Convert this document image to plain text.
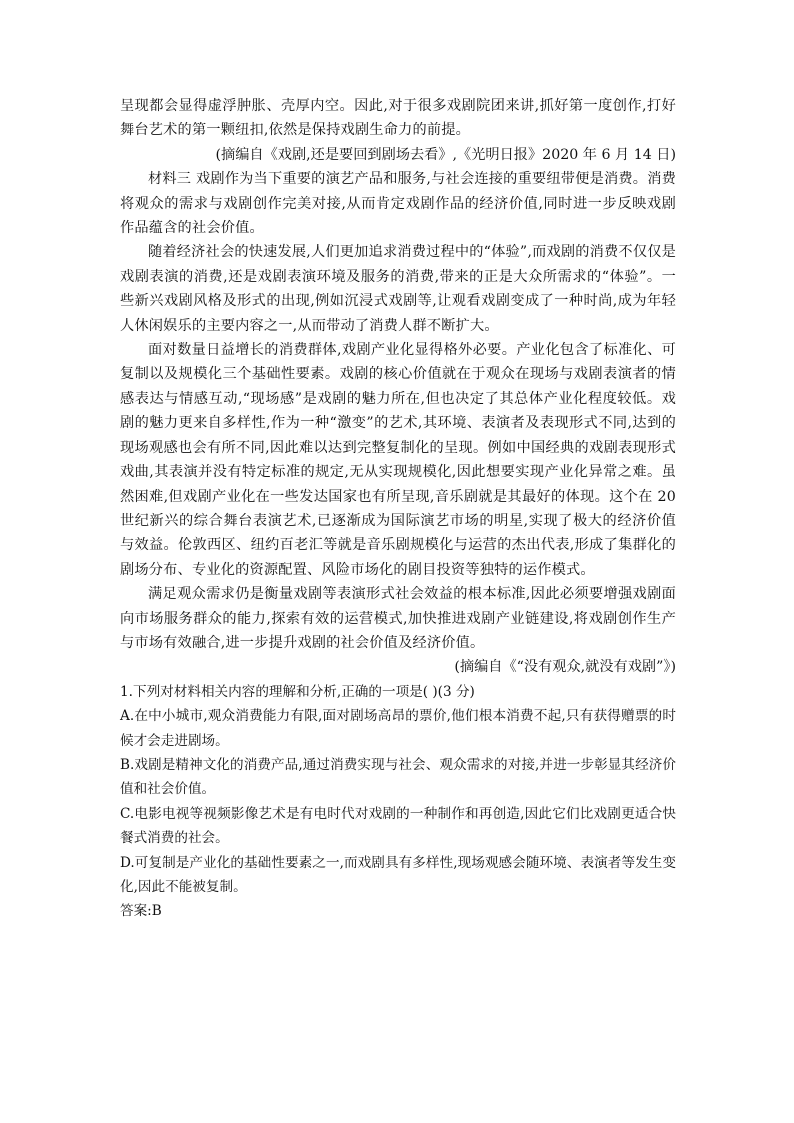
呈现都会显得虚浮肿胀、壳厚内空。因此,对于很多戏剧院团来讲,抓好第一度创作,打好舞台艺术的第一颗纽扣,依然是保持戏剧生命力的前提。

(摘编自《戏剧,还是要回到剧场去看》,《光明日报》2020 年 6 月 14 日)

材料三 戏剧作为当下重要的演艺产品和服务,与社会连接的重要纽带便是消费。消费将观众的需求与戏剧创作完美对接,从而肯定戏剧作品的经济价值,同时进一步反映戏剧作品蕴含的社会价值。

随着经济社会的快速发展,人们更加追求消费过程中的“体验”,而戏剧的消费不仅仅是戏剧表演的消费,还是戏剧表演环境及服务的消费,带来的正是大众所需求的“体验”。一些新兴戏剧风格及形式的出现,例如沉浸式戏剧等,让观看戏剧变成了一种时尚,成为年轻人休闲娱乐的主要内容之一,从而带动了消费人群不断扩大。

面对数量日益增长的消费群体,戏剧产业化显得格外必要。产业化包含了标准化、可复制以及规模化三个基础性要素。戏剧的核心价值就在于观众在现场与戏剧表演者的情感表达与情感互动,“现场感”是戏剧的魅力所在,但也决定了其总体产业化程度较低。戏剧的魅力更来自多样性,作为一种“激变”的艺术,其环境、表演者及表现形式不同,达到的现场观感也会有所不同,因此难以达到完整复制化的呈现。例如中国经典的戏剧表现形式戏曲,其表演并没有特定标准的规定,无从实现规模化,因此想要实现产业化异常之难。虽然困难,但戏剧产业化在一些发达国家也有所呈现,音乐剧就是其最好的体现。这个在 20 世纪新兴的综合舞台表演艺术,已逐渐成为国际演艺市场的明星,实现了极大的经济价值与效益。伦敦西区、纽约百老汇等就是音乐剧规模化与运营的杰出代表,形成了集群化的剧场分布、专业化的资源配置、风险市场化的剧目投资等独特的运作模式。

满足观众需求仍是衡量戏剧等表演形式社会效益的根本标准,因此必须要增强戏剧面向市场服务群众的能力,探索有效的运营模式,加快推进戏剧产业链建设,将戏剧创作生产与市场有效融合,进一步提升戏剧的社会价值及经济价值。

(摘编自《“没有观众,就没有戏剧”》)

1.下列对材料相关内容的理解和分析,正确的一项是( )(3 分)

A.在中小城市,观众消费能力有限,面对剧场高昂的票价,他们根本消费不起,只有获得赠票的时候才会走进剧场。

B.戏剧是精神文化的消费产品,通过消费实现与社会、观众需求的对接,并进一步彰显其经济价值和社会价值。

C.电影电视等视频影像艺术是有电时代对戏剧的一种制作和再创造,因此它们比戏剧更适合快餐式消费的社会。

D.可复制是产业化的基础性要素之一,而戏剧具有多样性,现场观感会随环境、表演者等发生变化,因此不能被复制。

答案:B
